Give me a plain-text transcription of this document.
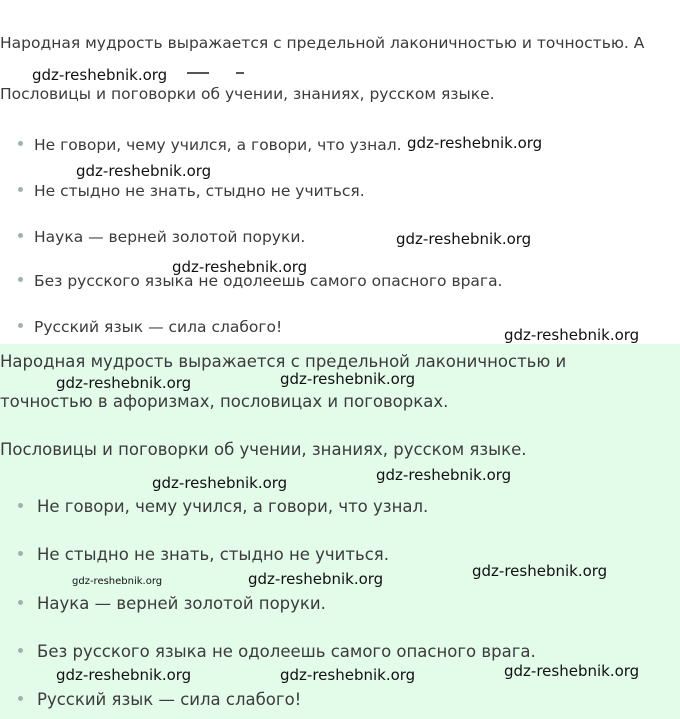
Народная мудрость выражается с предельной лаконичностью и точностью. А

Пословицы и поговорки об учении, знаниях, русском языке.

Не говори, чему учился, а говори, что узнал.
Не стыдно не знать, стыдно не учиться.
Наука — верней золотой поруки.
Без русского языка не одолеешь самого опасного врага.
Русский язык — сила слабого!

Народная мудрость выражается с предельной лаконичностью и

точностью в афоризмах, пословицах и поговорках.

Пословицы и поговорки об учении, знаниях, русском языке.

Не говори, чему учился, а говори, что узнал.
Не стыдно не знать, стыдно не учиться.
Наука — верней золотой поруки.
Без русского языка не одолеешь самого опасного врага.
Русский язык — сила слабого!
gdz-reshebnik.org
gdz-reshebnik.org
gdz-reshebnik.org
gdz-reshebnik.org
gdz-reshebnik.org
gdz-reshebnik.org
gdz-reshebnik.org	gdz-reshebnik.org
gdz-reshebnik.org
gdz-reshebnik.org
gdz-reshebnik.org
gdz-reshebnik.org	gdz-reshebnik.org
gdz-reshebnik.org
gdz-reshebnik.org	gdz-reshebnik.org
